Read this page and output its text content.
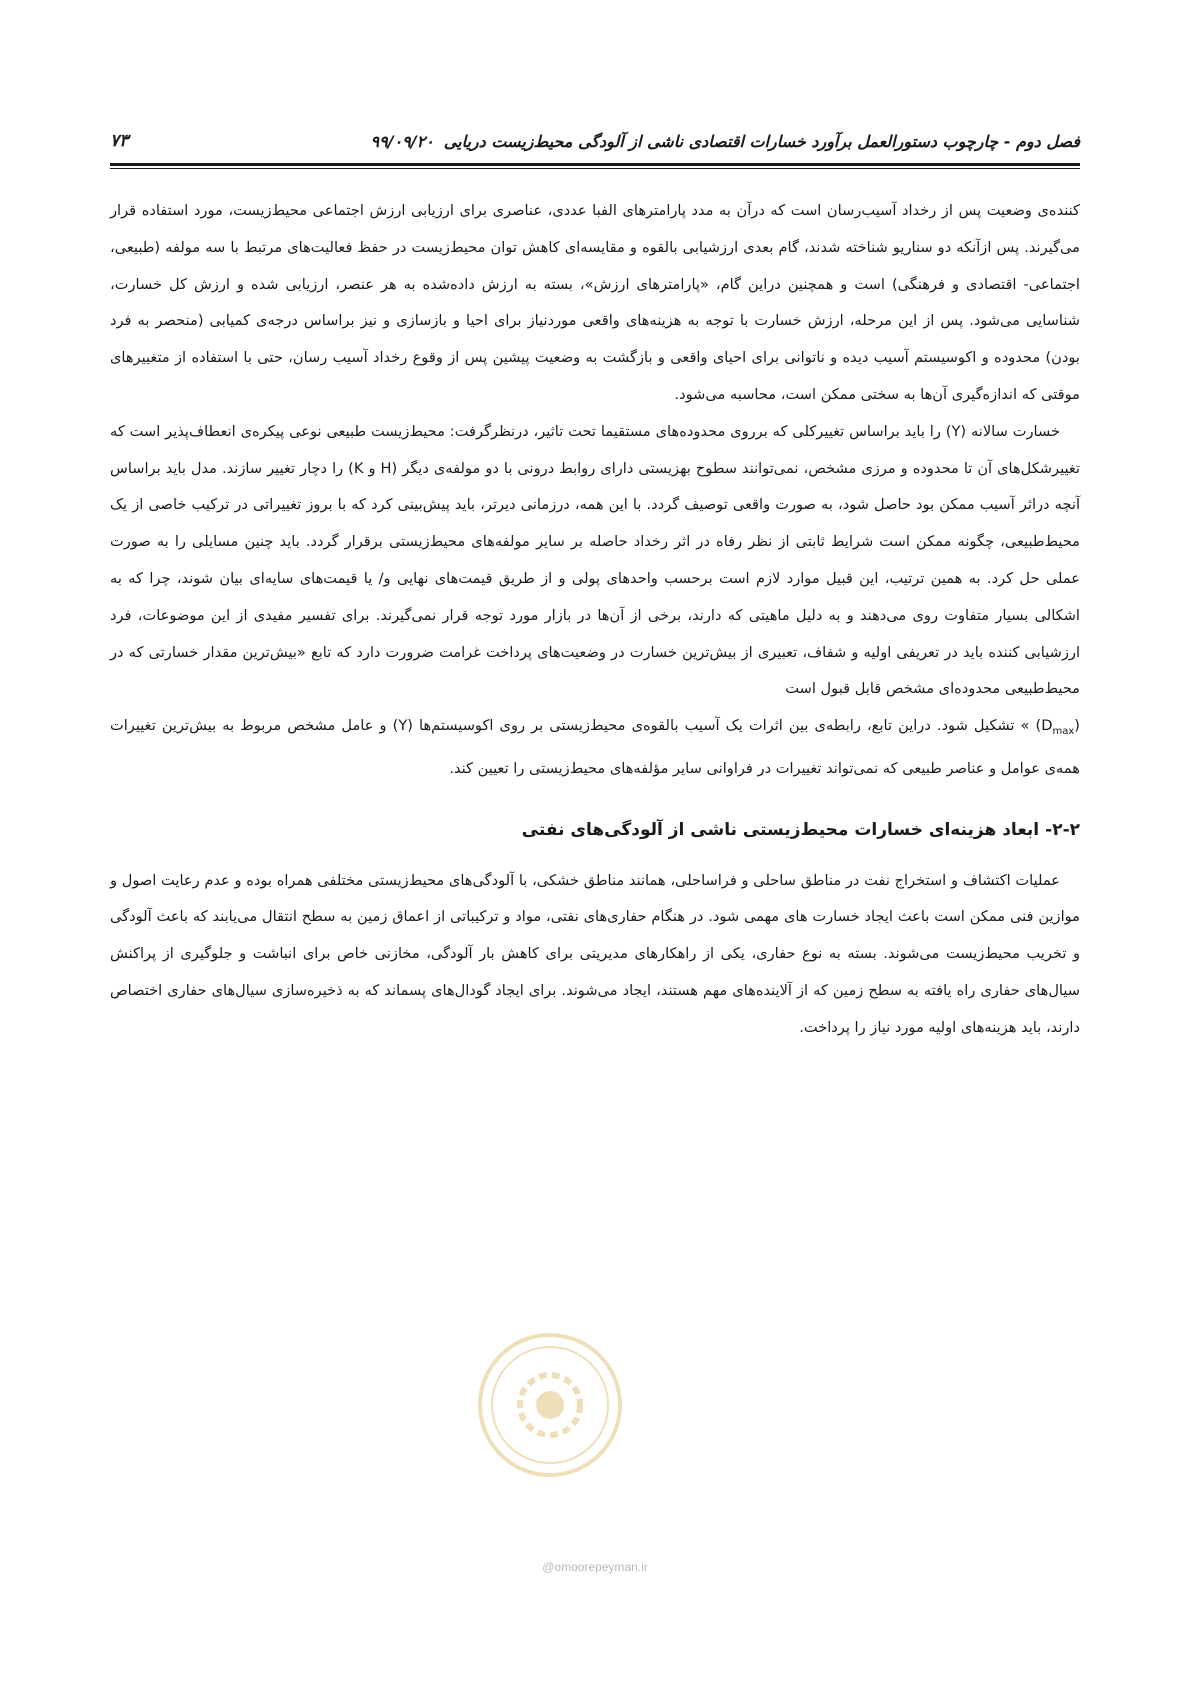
فصل دوم - چارچوب دستورالعمل برآورد خسارات اقتصادی ناشی از آلودگی محیط‌زیست دریایی۹۹/۰۹/۲۰
۷۳

کننده‌ی وضعیت پس از رخداد آسیب‌رسان است که درآن به مدد پارامترهای الفبا عددی، عناصری برای ارزیابی ارزش اجتماعی محیط‌زیست، مورد استفاده قرار می‌گیرند. پس ازآنکه دو سناریو شناخته شدند، گام بعدی ارزشیابی بالقوه و مقایسه‌ای کاهش توان محیط‌زیست در حفظ فعالیت‌های مرتبط با سه مولفه (طبیعی، اجتماعی- اقتصادی و فرهنگی) است و همچنین دراین گام، «پارامترهای ارزش»، بسته به ارزش داده‌شده به هر عنصر، ارزیابی شده و ارزش کل خسارت، شناسایی می‌شود. پس از این مرحله، ارزش خسارت با توجه به هزینه‌های واقعی موردنیاز برای احیا و بازسازی و نیز براساس درجه‌ی کمیابی (منحصر به فرد بودن) محدوده و اکوسیستم آسیب دیده و ناتوانی برای احیای واقعی و بازگشت به وضعیت پیشین پس از وقوع رخداد آسیب رسان، حتی با استفاده از متغییرهای موقتی که اندازه‌گیری آن‌ها به سختی ممکن است، محاسبه می‌شود.

خسارت سالانه (Y) را باید براساس تغییرکلی که برروی محدوده‌های مستقیما تحت تاثیر، درنظرگرفت: محیط‌زیست طبیعی نوعی پیکره‌ی انعطاف‌پذیر است که تغییرشکل‌های آن تا محدوده و مرزی مشخص، نمی‌توانند سطوح بهزیستی دارای روابط درونی با دو مولفه‌ی دیگر (H و K) را دچار تغییر سازند. مدل باید براساس آنچه دراثر آسیب ممکن بود حاصل شود، به صورت واقعی توصیف گردد. با این همه، درزمانی دیرتر، باید پیش‌بینی کرد که با بروز تغییراتی در ترکیب خاصی از یک محیط‌طبیعی، چگونه ممکن است شرایط ثابتی از نظر رفاه در اثر رخداد حاصله بر سایر مولفه‌های محیط‌زیستی برقرار گردد. باید چنین مسایلی را به صورت عملی حل کرد. به همین ترتیب، این قبیل موارد لازم است برحسب واحدهای پولی و از طریق قیمت‌های نهایی و/ یا قیمت‌های سایه‌ای بیان شوند، چرا که به اشکالی بسیار متفاوت روی می‌دهند و به دلیل ماهیتی که دارند، برخی از آن‌ها در بازار مورد توجه قرار نمی‌گیرند. برای تفسیر مفیدی از این موضوعات، فرد ارزشیابی کننده باید در تعریفی اولیه و شفاف، تعبیری از بیش‌ترین خسارت در وضعیت‌های پرداخت غرامت ضرورت دارد که تابع «بیش‌ترین مقدار خسارتی که در محیط‌طبیعی محدوده‌ای مشخص قابل قبول است

$(D_{max})$ » تشکیل شود. دراین تابع، رابطه‌ی بین اثرات یک آسیب بالقوه‌ی محیط‌زیستی بر روی اکوسیستم‌ها (Y) و عامل مشخص مربوط به بیش‌ترین تغییرات همه‌ی عوامل و عناصر طبیعی که نمی‌تواند تغییرات در فراوانی سایر مؤلفه‌های محیط‌زیستی را تعیین کند.

۲-۲-ابعاد هزینه‌ای خسارات محیط‌زیستی ناشی از آلودگی‌های نفتی

عملیات اکتشاف و استخراج نفت در مناطق ساحلی و فراساحلی، همانند مناطق خشکی، با آلودگی‌های محیط‌زیستی مختلفی همراه بوده و عدم رعایت اصول و موازین فنی ممکن است باعث ایجاد خسارت های مهمی شود. در هنگام حفاری‌های نفتی، مواد و ترکیباتی از اعماق زمین به سطح انتقال می‌یابند که باعث آلودگی و تخریب محیط‌زیست می‌شوند. بسته به نوع حفاری، یکی از راهکارهای مدیریتی برای کاهش بار آلودگی، مخازنی خاص برای انباشت و جلوگیری از پراکنش سیال‌های حفاری راه یافته به سطح زمین که از آلاینده‌های مهم هستند، ایجاد می‌شوند. برای ایجاد گودال‌های پسماند که به ذخیره‌سازی سیال‌های حفاری اختصاص دارند، باید هزینه‌های اولیه مورد نیاز را پرداخت.

@omoorepeyman.ir
